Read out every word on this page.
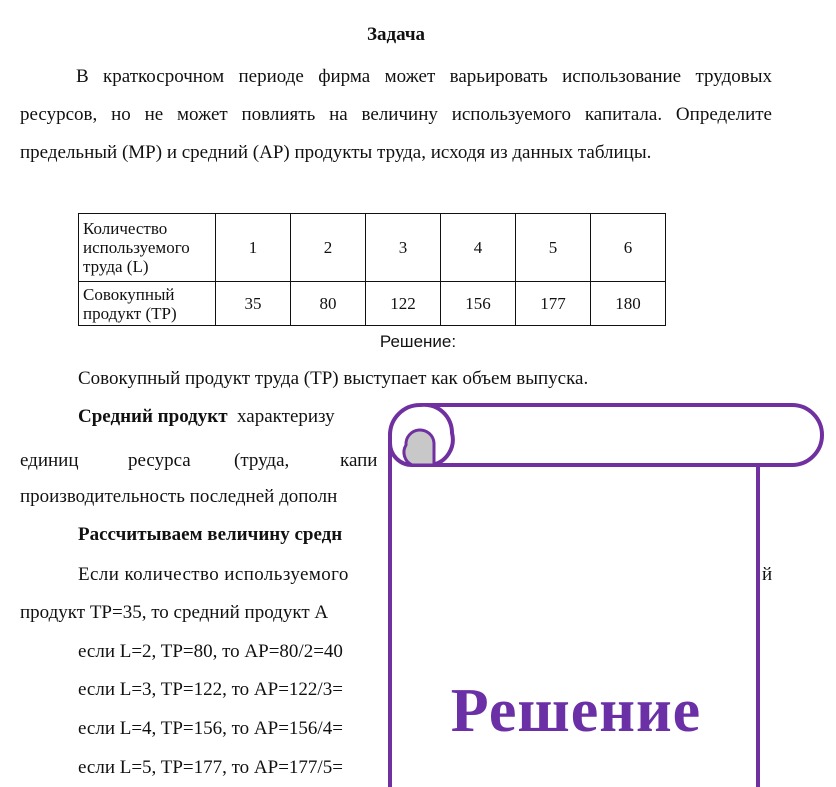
Задача
В краткосрочном периоде фирма может варьировать использование трудовых ресурсов, но не может повлиять на величину используемого капитала. Определите предельный (MP) и средний (AP) продукты труда, исходя из данных таблицы.
Количество используемого труда (L)	1	2	3	4	5	6
Совокупный продукт (TP)	35	80	122	156	177	180
Решение:
Совокупный продукт труда (TP) выступает как объем выпуска.
Средний продукт характеризу
единиц	ресурса (труда,	капи
производительность последней дополн
Рассчитываем величину средн
Если количество используемого	й
продукт TP=35, то средний продукт A
если L=2, TP=80, то AP=80/2=40
если L=3, TP=122, то AP=122/3=
если L=4, TP=156, то AP=156/4=
если L=5, TP=177, то AP=177/5=
Решение
